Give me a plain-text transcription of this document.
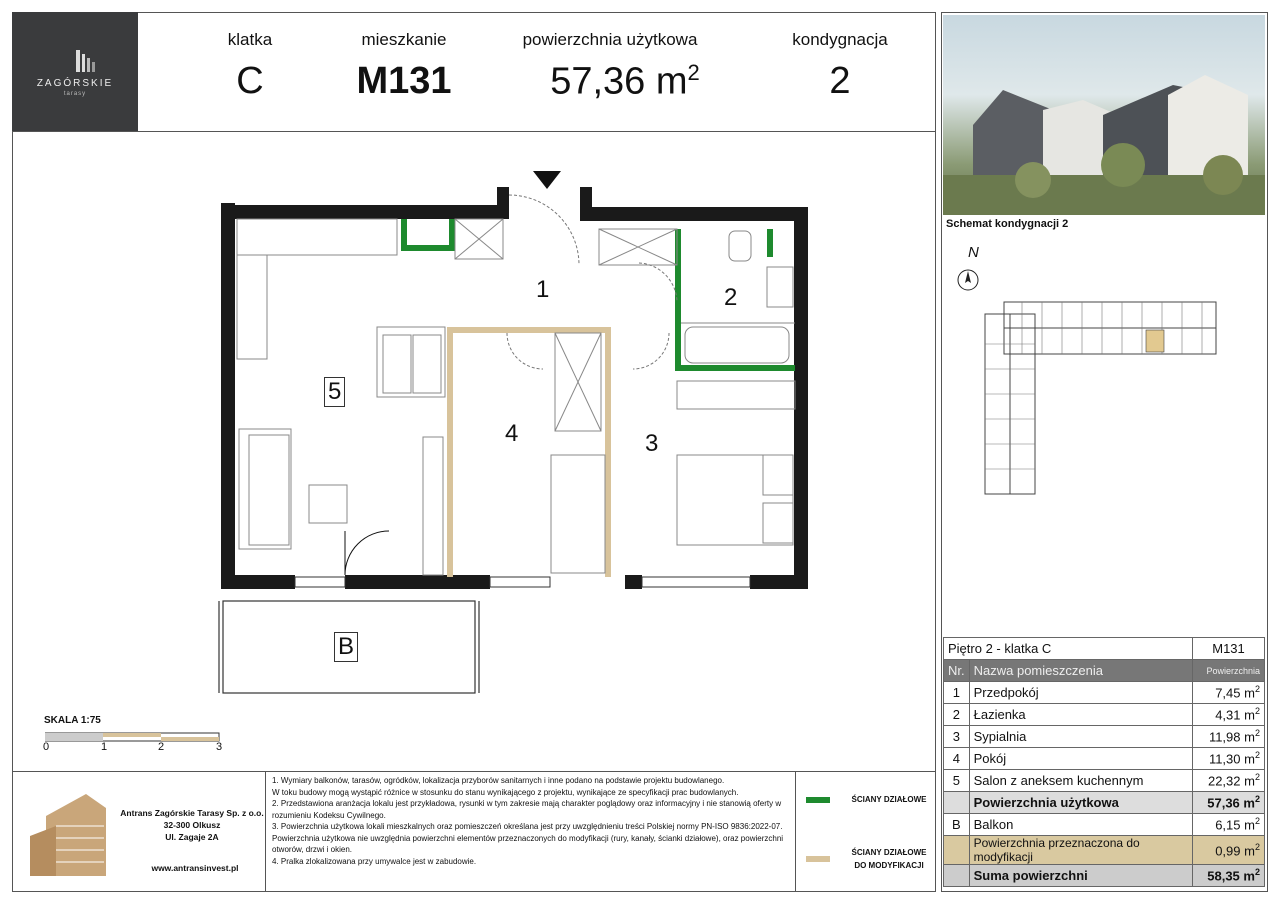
ZAGÓRSKIE
tarasy
klatka
C
mieszkanie
M131
powierzchnia użytkowa
57,36 $m^2$
kondygnacja
2
Schemat kondygnacji 2
N
1	2
3
4
5
B
SKALA 1:75
0	1	2	3
Antrans Zagórskie Tarasy Sp. z o.o.
32-300 Olkusz
Ul. Zagaje 2A
www.antransinvest.pl
1. Wymiary balkonów, tarasów, ogródków, lokalizacja przyborów sanitarnych i inne podano na podstawie projektu budowlanego.
W toku budowy mogą wystąpić różnice w stosunku do stanu wynikającego z projektu, wynikające ze specyfikacji prac budowlanych.
2. Przedstawiona aranżacja lokalu jest przykładowa, rysunki w tym zakresie mają charakter poglądowy oraz informacyjny i nie stanowią oferty w rozumieniu Kodeksu Cywilnego.
3. Powierzchnia użytkowa lokali mieszkalnych oraz pomieszczeń określana jest przy uwzględnieniu treści Polskiej normy PN-ISO 9836:2022-07.
Powierzchnia użytkowa nie uwzględnia powierzchni elementów przeznaczonych do modyfikacji (rury, kanały, ścianki działowe), oraz powierzchni otworów, drzwi i okien.
4. Pralka zlokalizowana przy umywalce jest w zabudowie.
ŚCIANY DZIAŁOWE
ŚCIANY DZIAŁOWE
DO MODYFIKACJI
Piętro 2 - klatka C		M131
Nr.	Nazwa pomieszczenia	Powierzchnia
1	Przedpokój	7,45 $m^2$
2	Łazienka	4,31 $m^2$
3	Sypialnia	11,98 $m^2$
4	Pokój	11,30 $m^2$
5	Salon z aneksem kuchennym	22,32 $m^2$
	Powierzchnia użytkowa	57,36 $m^2$
B	Balkon	6,15 $m^2$
	Powierzchnia przeznaczona do modyfikacji	0,99 $m^2$
	Suma powierzchni	58,35 $m^2$
